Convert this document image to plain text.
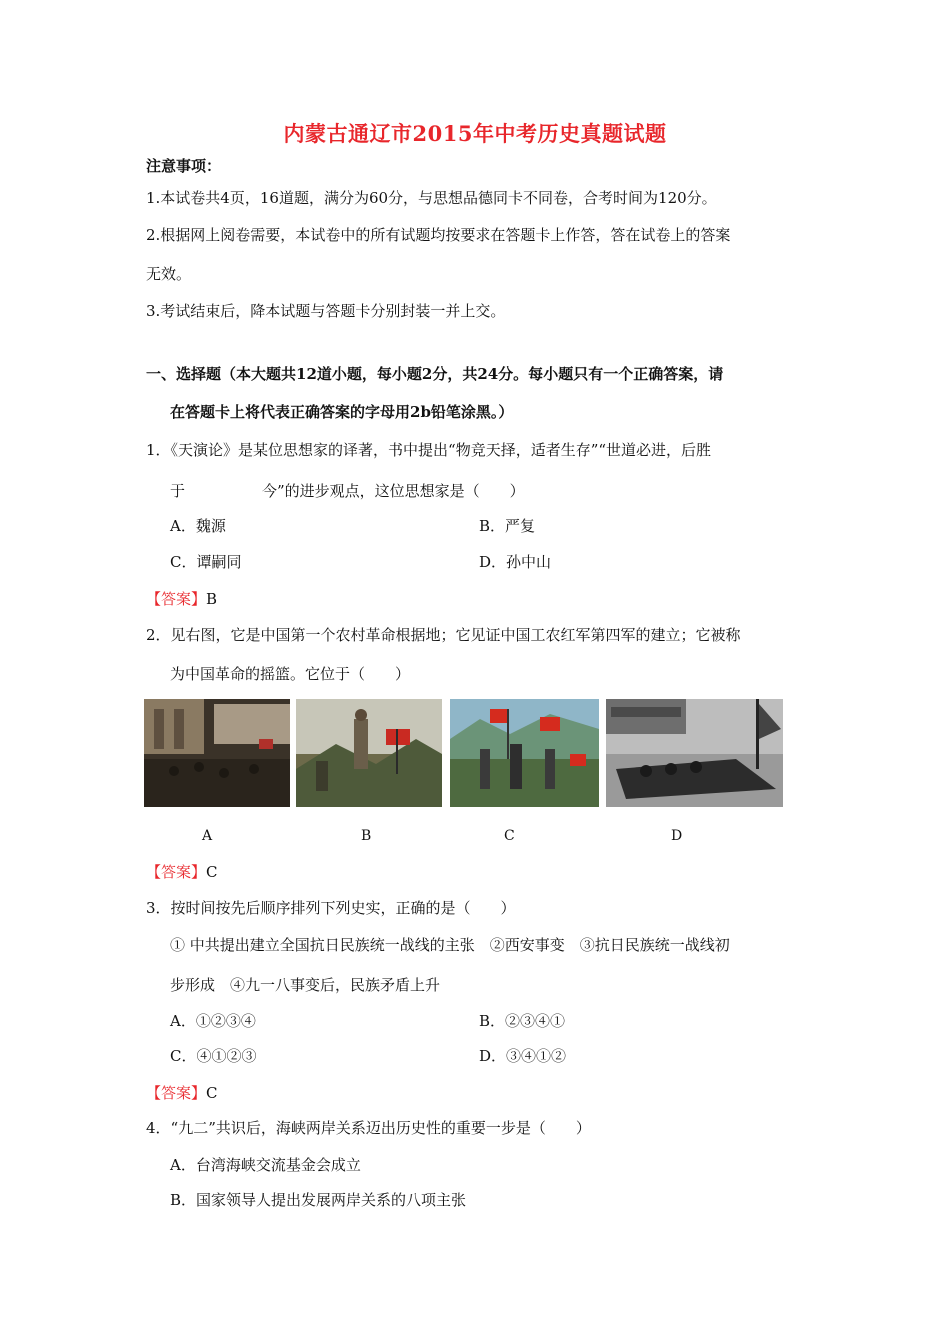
内蒙古通辽市2015年中考历史真题试题
注意事项：
1.本试卷共4页，16道题，满分为60分，与思想品德同卡不同卷，合考时间为120分。
2.根据网上阅卷需要，本试卷中的所有试题均按要求在答题卡上作答，答在试卷上的答案
无效。
3.考试结束后，降本试题与答题卡分别封装一并上交。
一、选择题（本大题共12道小题，每小题2分，共24分。每小题只有一个正确答案，请
在答题卡上将代表正确答案的字母用2b铅笔涂黑。）
1．《天演论》是某位思想家的译著，书中提出“物竞天择，适者生存”“世道必进，后胜
于	今”的进步观点，这位思想家是（　　）
A．魏源	B．严复
C．谭嗣同	D．孙中山
【答案】B
2．见右图，它是中国第一个农村革命根据地；它见证中国工农红军第四军的建立；它被称
为中国革命的摇篮。它位于（　　）
A	B	C	D
【答案】C
3．按时间按先后顺序排列下列史实，正确的是（　　）
① 中共提出建立全国抗日民族统一战线的主张　②西安事变　③抗日民族统一战线初
步形成　④九一八事变后，民族矛盾上升
A．①②③④	B．②③④①
C．④①②③	D．③④①②
【答案】C
4．“九二”共识后，海峡两岸关系迈出历史性的重要一步是（　　）
A．台湾海峡交流基金会成立
B．国家领导人提出发展两岸关系的八项主张
